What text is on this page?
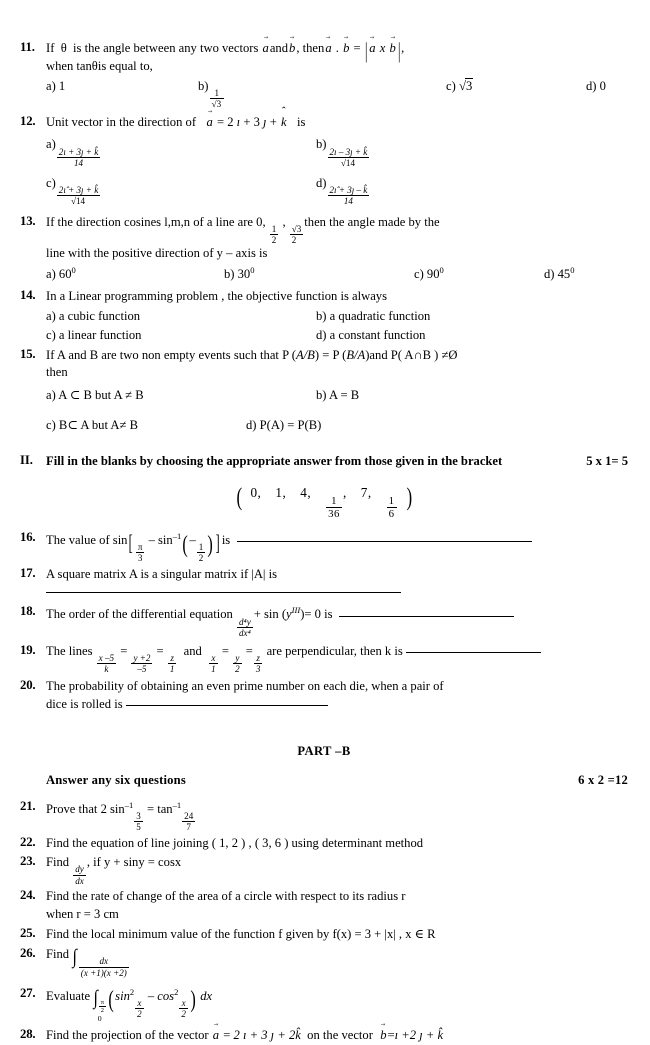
11. If θ is the angle between any two vectors a →andb →, thena → . b → = | a → x b →|,
when tanθis equal to,
a) 1	b)
$\frac{1}{√3}$
c) √3	d) 0
12. Unit vector in the direction of a → = 2 ı + 3 ȷ + k ˆ is
a)
$\frac{2ı + 3ȷ + k̂}{14}$
b)
$\frac{2ı - 3ȷ + k̂}{√14}$
c)
$\frac{2ı̂ + 3ȷ + k̂}{√14}$
d)
$\frac{2ı̂ + 3ȷ - k̂}{14}$
13. If the direction cosines l,m,n of a line are 0,
$\frac{1}{2}$
,
$\frac{√3}{2}$
then the angle made by the
line with the positive direction of y – axis is
a) $60^0$	b) $30^0$	c) $90^0$	d) $45^0$
14. In a Linear programming problem , the objective function is always
a) a cubic function	b) a quadratic function
c) a linear function	d) a constant function
15. If A and B are two non empty events such that P (A/B) = P (B/A)and P( A∩B ) ≠Ø
then
a) A ⊂ B but A ≠ B	b) A = B
c) B⊂ A but A≠ B	d) P(A) = P(B)
II.	Fill in the blanks by choosing the appropriate answer from those given in the bracket	5 x 1= 5
( 0, 1, 4,
$\frac{1}{36}$
, 7,
$\frac{1}{6}$ )
16. The value of $\sin[ \frac{\pi}{3}$
– $\sin^{-1}(-$
$\frac{1}{2}$ ) ] is
17. A square matrix A is a singular matrix if |A| is
18. The order of the differential equation
$\frac{\text{d⁴y}}{\text{dx⁴}}$
+ $\sin (y^{III})= 0$ is
19. The lines
$\frac{x -5}{k}$
=
$\frac{y +2}{-5}$
=
$\frac{z}{1}$
and
$\frac{x}{1}$
=
$\frac{y}{2}$
=
$\frac{z}{3}$
are perpendicular, then k is
20. The probability of obtaining an even prime number on each die, when a pair of
dice is rolled is
PART –B
Answer any six questions	6 x 2 =12
21. Prove that 2 $\sin^{-1}$
$\frac{3}{5}$
= $\tan^{-1}$
$\frac{24}{7}$
22. Find the equation of line joining ( 1, 2 ) , ( 3, 6 ) using determinant method
23. Find
$\frac{dy}{dx}$
, if y + siny = cosx
24. Find the rate of change of the area of a circle with respect to its radius r
when r = 3 cm
25. Find the local minimum value of the function f given by f(x) = 3 + |x| , x ∈ R
26. Find ∫ $\frac{dx}{(x +1)(x +2)}$
27. Evaluate ∫ $\frac{\pi}{2}$
0
($\sin^2$
$\frac{x}{2}$
– $\cos^2$
$\frac{x}{2}$ ) dx
28. Find the projection of the vector a → = 2 ı + 3 ȷ + 2k̂ on the vector b →=ı +2 ȷ + k̂
